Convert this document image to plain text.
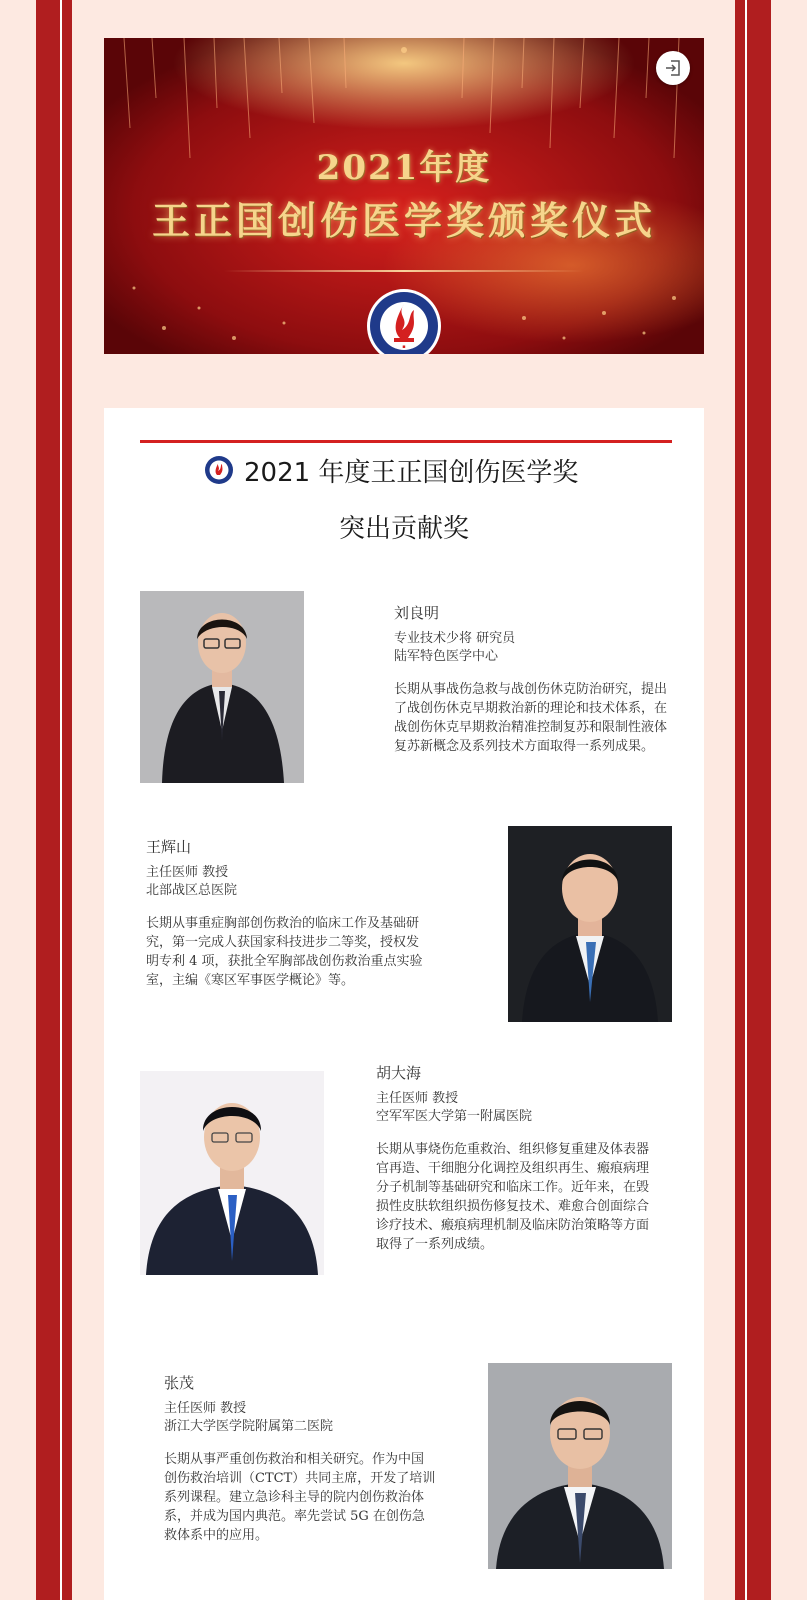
2021年度
王正国创伤医学奖颁奖仪式
▪
2021 年度王正国创伤医学奖
突出贡献奖
刘良明
专业技术少将 研究员
陆军特色医学中心
长期从事战伤急救与战创伤休克防治研究，提出了战创伤休克早期救治新的理论和技术体系，在战创伤休克早期救治精准控制复苏和限制性液体复苏新概念及系列技术方面取得一系列成果。
王辉山
主任医师 教授
北部战区总医院
长期从事重症胸部创伤救治的临床工作及基础研究，第一完成人获国家科技进步二等奖，授权发明专利 4 项，获批全军胸部战创伤救治重点实验室，主编《寒区军事医学概论》等。
胡大海
主任医师 教授
空军军医大学第一附属医院
长期从事烧伤危重救治、组织修复重建及体表器官再造、干细胞分化调控及组织再生、瘢痕病理分子机制等基础研究和临床工作。近年来，在毁损性皮肤软组织损伤修复技术、难愈合创面综合诊疗技术、瘢痕病理机制及临床防治策略等方面取得了一系列成绩。
张茂
主任医师 教授
浙江大学医学院附属第二医院
长期从事严重创伤救治和相关研究。作为中国创伤救治培训（CTCT）共同主席，开发了培训系列课程。建立急诊科主导的院内创伤救治体系，并成为国内典范。率先尝试 5G 在创伤急救体系中的应用。
